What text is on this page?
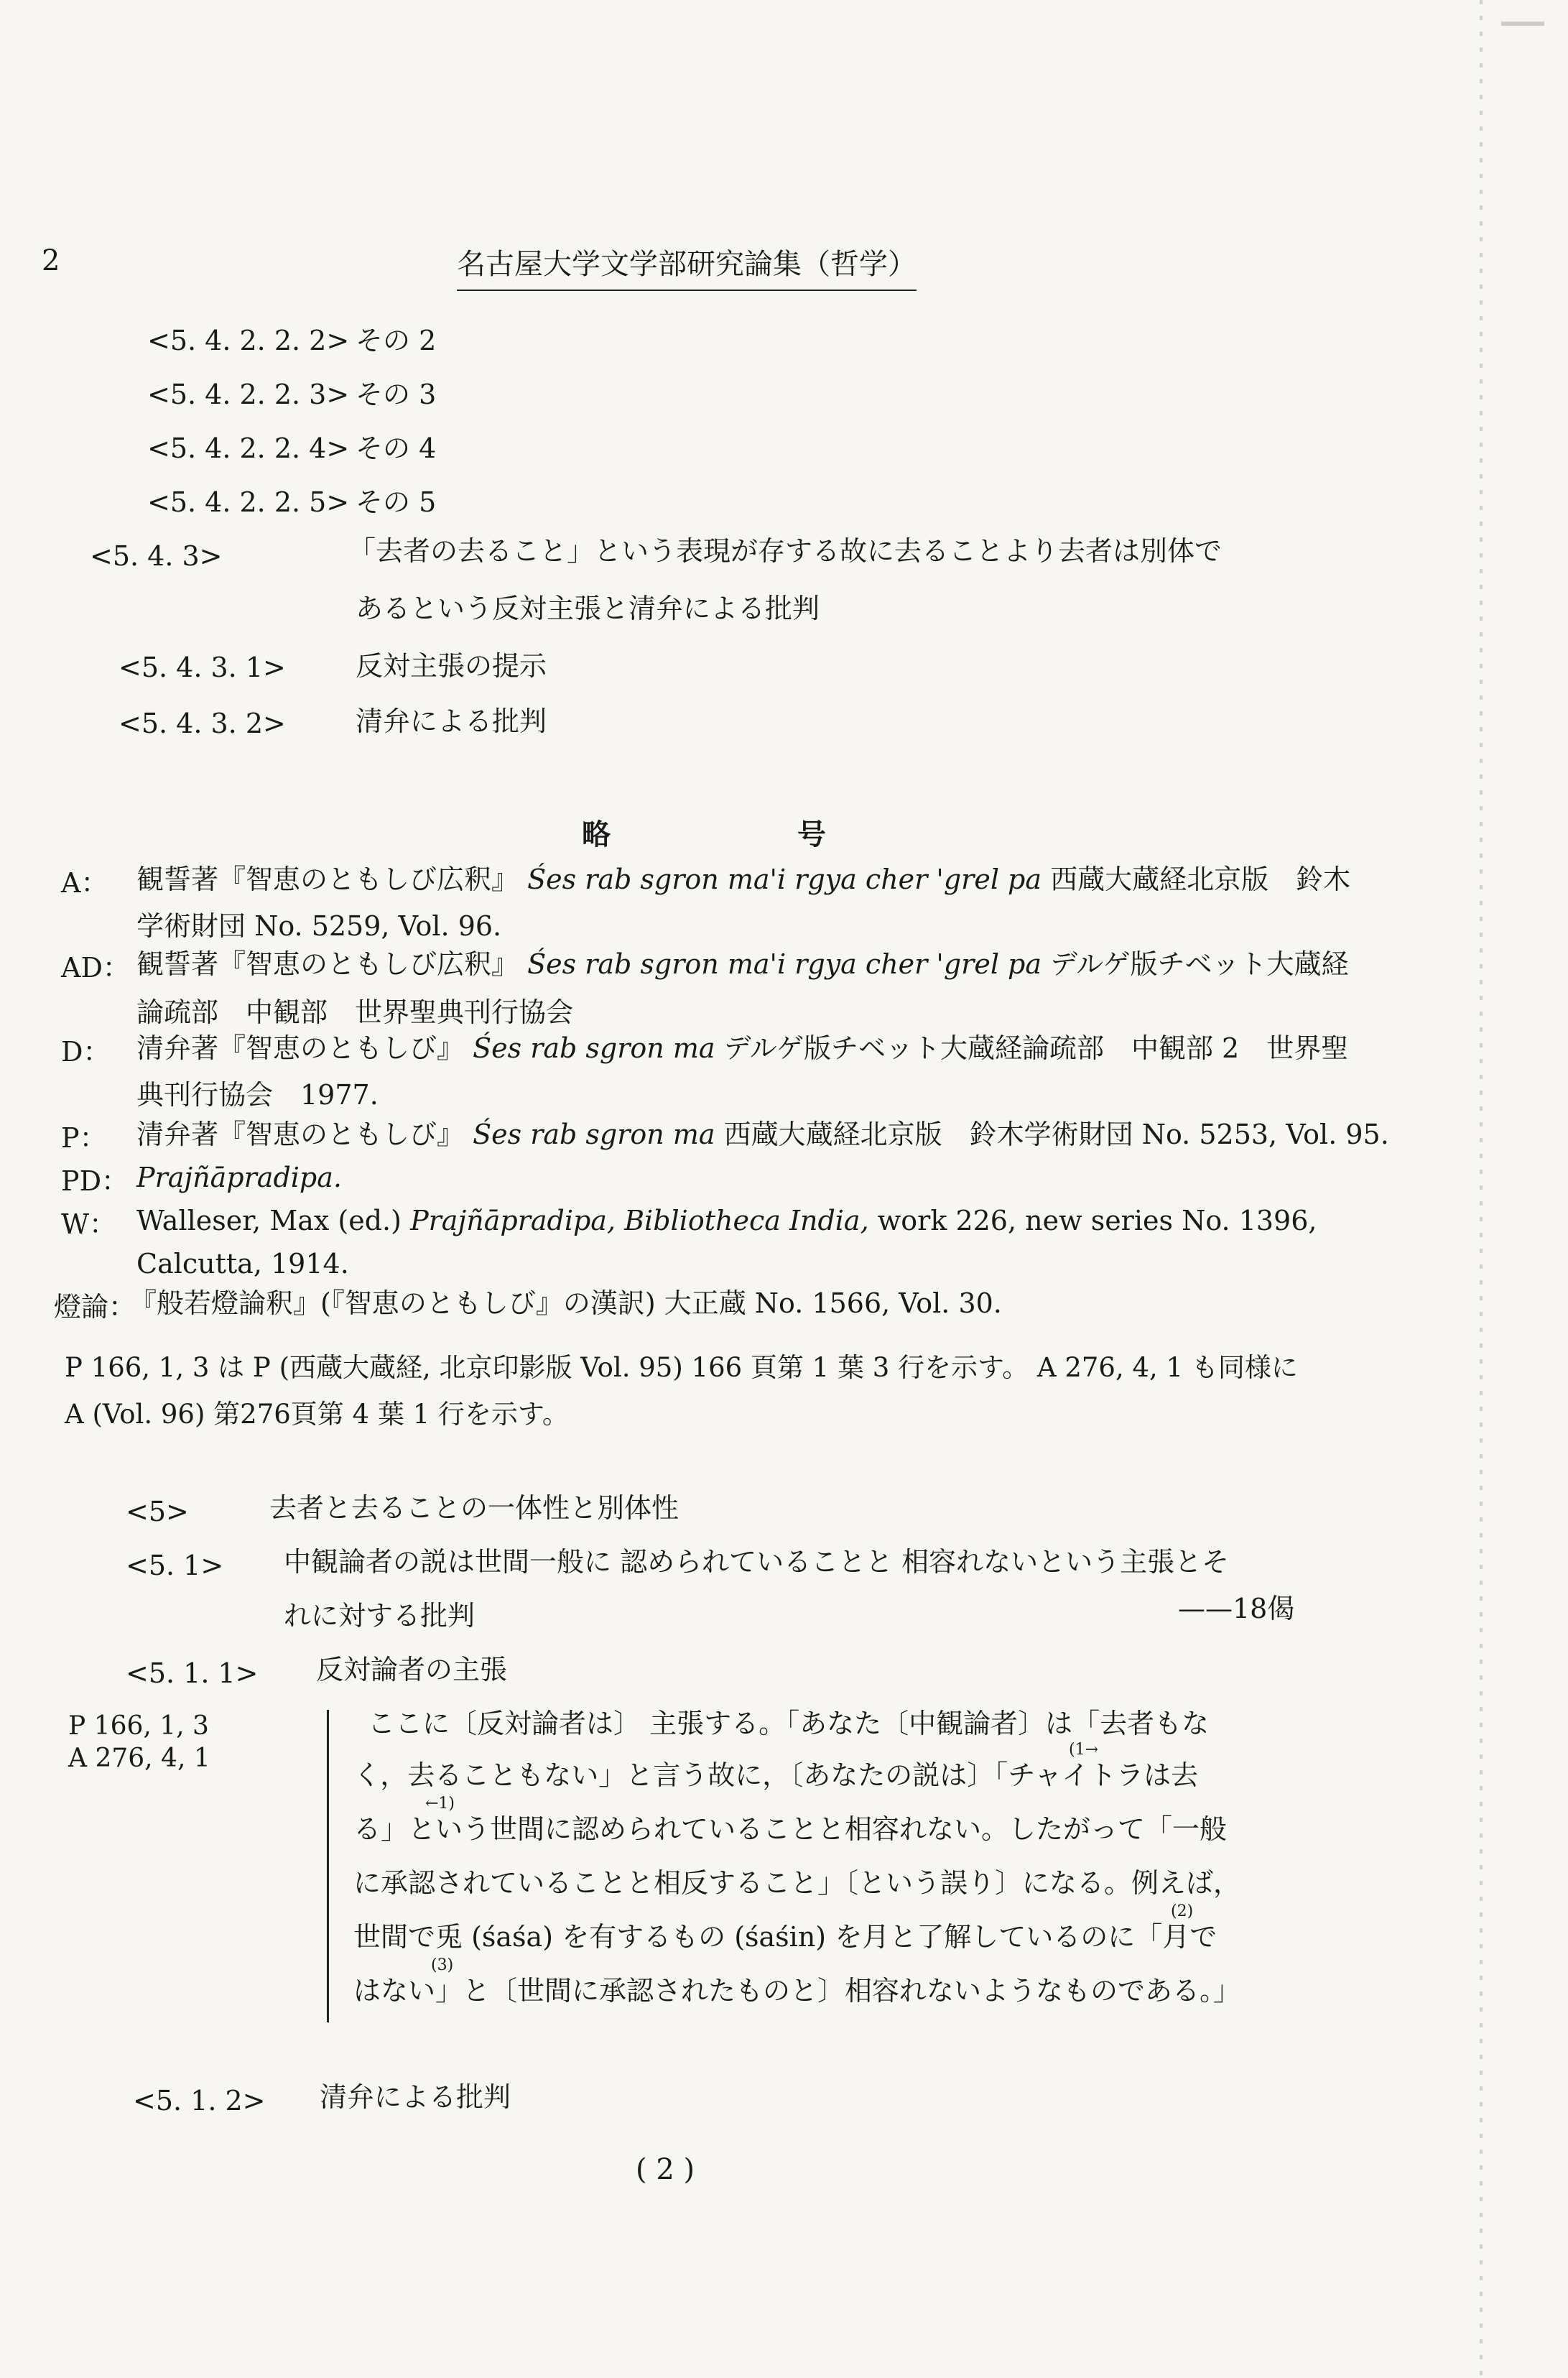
2	名古屋大学文学部研究論集（哲学）
<5. 4. 2. 2. 2> その 2
<5. 4. 2. 2. 3> その 3
<5. 4. 2. 2. 4> その 4
<5. 4. 2. 2. 5> その 5
<5. 4. 3>	「去者の去ること」という表現が存する故に去ることより去者は別体で
あるという反対主張と清弁による批判
<5. 4. 3. 1>	反対主張の提示
<5. 4. 3. 2>	清弁による批判
略　号
A： 観誓著『智恵のともしび広釈』 Śes rab sgron ma'i rgya cher 'grel pa 西蔵大蔵経北京版　鈴木
学術財団 No. 5259, Vol. 96.
AD： 観誓著『智恵のともしび広釈』 Śes rab sgron ma'i rgya cher 'grel pa デルゲ版チベット大蔵経
論疏部　中観部　世界聖典刊行協会
D： 清弁著『智恵のともしび』 Śes rab sgron ma デルゲ版チベット大蔵経論疏部　中観部 2　世界聖
典刊行協会　1977.
P： 清弁著『智恵のともしび』 Śes rab sgron ma 西蔵大蔵経北京版　鈴木学術財団 No. 5253, Vol. 95.
PD： Prajñāpradipa.
W： Walleser, Max (ed.) Prajñāpradipa, Bibliotheca India, work 226, new series No. 1396,
Calcutta, 1914.
燈論：
『般若燈論釈』(『智恵のともしび』の漢訳) 大正蔵 No. 1566, Vol. 30.
P 166, 1, 3 は P (西蔵大蔵経, 北京印影版 Vol. 95) 166 頁第 1 葉 3 行を示す。 A 276, 4, 1 も同様に
A (Vol. 96) 第276頁第 4 葉 1 行を示す。
<5>	去者と去ることの一体性と別体性
<5. 1> 中観論者の説は世間一般に 認められていることと 相容れないという主張とそ
れに対する批判	——18偈
<5. 1. 1> 反対論者の主張
P 166, 1, 3
A 276, 4, 1
ここに〔反対論者は〕 主張する。「あなた〔中観論者〕は「去者もな
く，去ることもない」と言う故に，〔あなたの説は〕「チャイトラは去
る」という世間に認められていることと相容れない。したがって「一般
に承認されていることと相反すること」〔という誤り〕になる。例えば，
世間で兎 (śaśa) を有するもの (śaśin) を月と了解しているのに「月で
はない」と〔世間に承認されたものと〕相容れないようなものである。」
(1→
←1)
(2)
(3)
<5. 1. 2> 清弁による批判
( 2 )
